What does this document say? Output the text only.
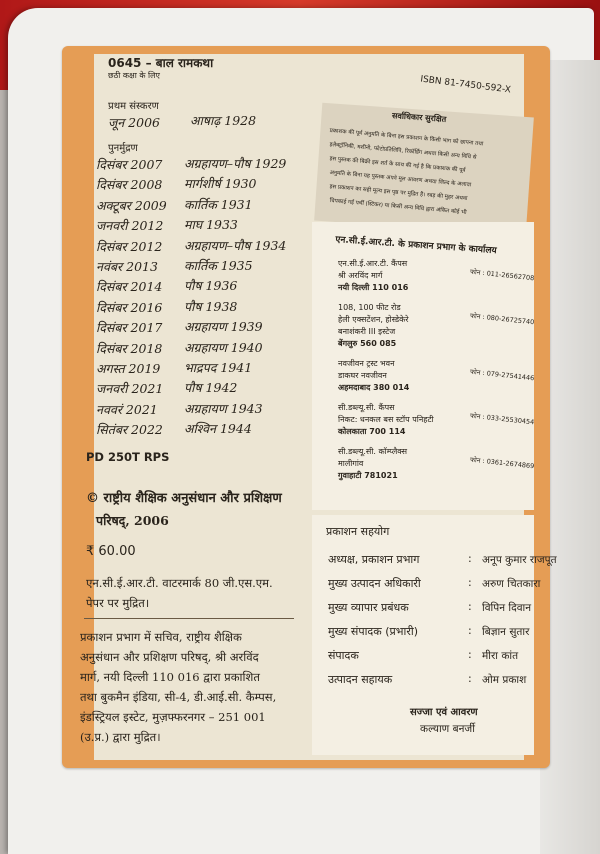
0645 – बाल रामकथा
छठी कक्षा के लिए	ISBN 81-7450-592-X
प्रथम संस्करण
जून 2006 आषाढ़ 1928
पुनर्मुद्रण
दिसंबर 2007 अग्रहायण–पौष 1929
दिसंबर 2008 मार्गशीर्ष 1930
अक्टूबर 2009 कार्तिक 1931
जनवरी 2012 माघ 1933
दिसंबर 2012 अग्रहायण–पौष 1934
नवंबर 2013 कार्तिक 1935
दिसंबर 2014 पौष 1936
दिसंबर 2016 पौष 1938
दिसंबर 2017 अग्रहायण 1939
दिसंबर 2018 अग्रहायण 1940
अगस्त 2019 भाद्रपद 1941
जनवरी 2021 पौष 1942
नववरं 2021 अग्रहायण 1943
सितंबर 2022 अश्विन 1944
PD 250T RPS
© राष्ट्रीय शैक्षिक अनुसंधान और प्रशिक्षण
परिषद्, 2006
₹ 60.00
एन.सी.ई.आर.टी. वाटरमार्क 80 जी.एस.एम.
पेपर पर मुद्रित।
प्रकाशन प्रभाग में सचिव, राष्ट्रीय शैक्षिक
अनुसंधान और प्रशिक्षण परिषद्, श्री अरविंद
मार्ग, नयी दिल्ली 110 016 द्वारा प्रकाशित
तथा बुकमैन इंडिया, सी-4, डी.आई.सी. कैम्पस,
इंडस्ट्रियल इस्टेट, मुज़फ्फरनगर – 251 001
(उ.प्र.) द्वारा मुद्रित।
सर्वाधिकार सुरक्षित
प्रकाशक की पूर्व अनुमति के बिना इस प्रकाशन के किसी भाग को छापना तथा
इलैक्ट्रॉनिकी, मशीनी, फोटोप्रतिलिपि, रिकॉर्डिंग अथवा किसी अन्य विधि से
इस पुस्तक की बिक्री इस शर्त के साथ की गई है कि प्रकाशक की पूर्व
अनुमति के बिना यह पुस्तक अपने मूल आवरण अथवा जिल्द के अलावा
इस प्रकाशन का सही मूल्य इस पृष्ठ पर मुद्रित है। रबड़ की मुहर अथवा
चिपकाई गई पर्ची (स्टिकर) या किसी अन्य विधि द्वारा अंकित कोई भी
एन.सी.ई.आर.टी. के प्रकाशन प्रभाग के कार्यालय
एन.सी.ई.आर.टी. कैंपस
श्री अरविंद मार्ग
नयी दिल्ली 110 016
फोन : 011-26562708
108, 100 फीट रोड
हेली एक्सटेंशन, होस्डेकेरे
बनाशंकरी III इस्टेज
बेंगलुरु 560 085
फोन : 080-26725740
नवजीवन ट्रस्ट भवन
डाकघर नवजीवन
अहमदाबाद 380 014
फोन : 079-27541446
सी.डब्ल्यू.सी. कैंपस
निकट: धनकल बस स्टॉप पनिहटी
कोलकाता 700 114
फोन : 033-25530454
सी.डब्ल्यू.सी. कॉम्प्लैक्स
मालीगांव
गुवाहाटी 781021
फोन : 0361-2674869
प्रकाशन सहयोग
अध्यक्ष, प्रकाशन प्रभाग	: अनूप कुमार राजपूत
मुख्य उत्पादन अधिकारी	: अरुण चितकारा
मुख्य व्यापार प्रबंधक	: विपिन दिवान
मुख्य संपादक (प्रभारी)	: बिज्ञान सुतार
संपादक	: मीरा कांत
उत्पादन सहायक	: ओम प्रकाश
सज्जा एवं आवरण
कल्याण बनर्जी
